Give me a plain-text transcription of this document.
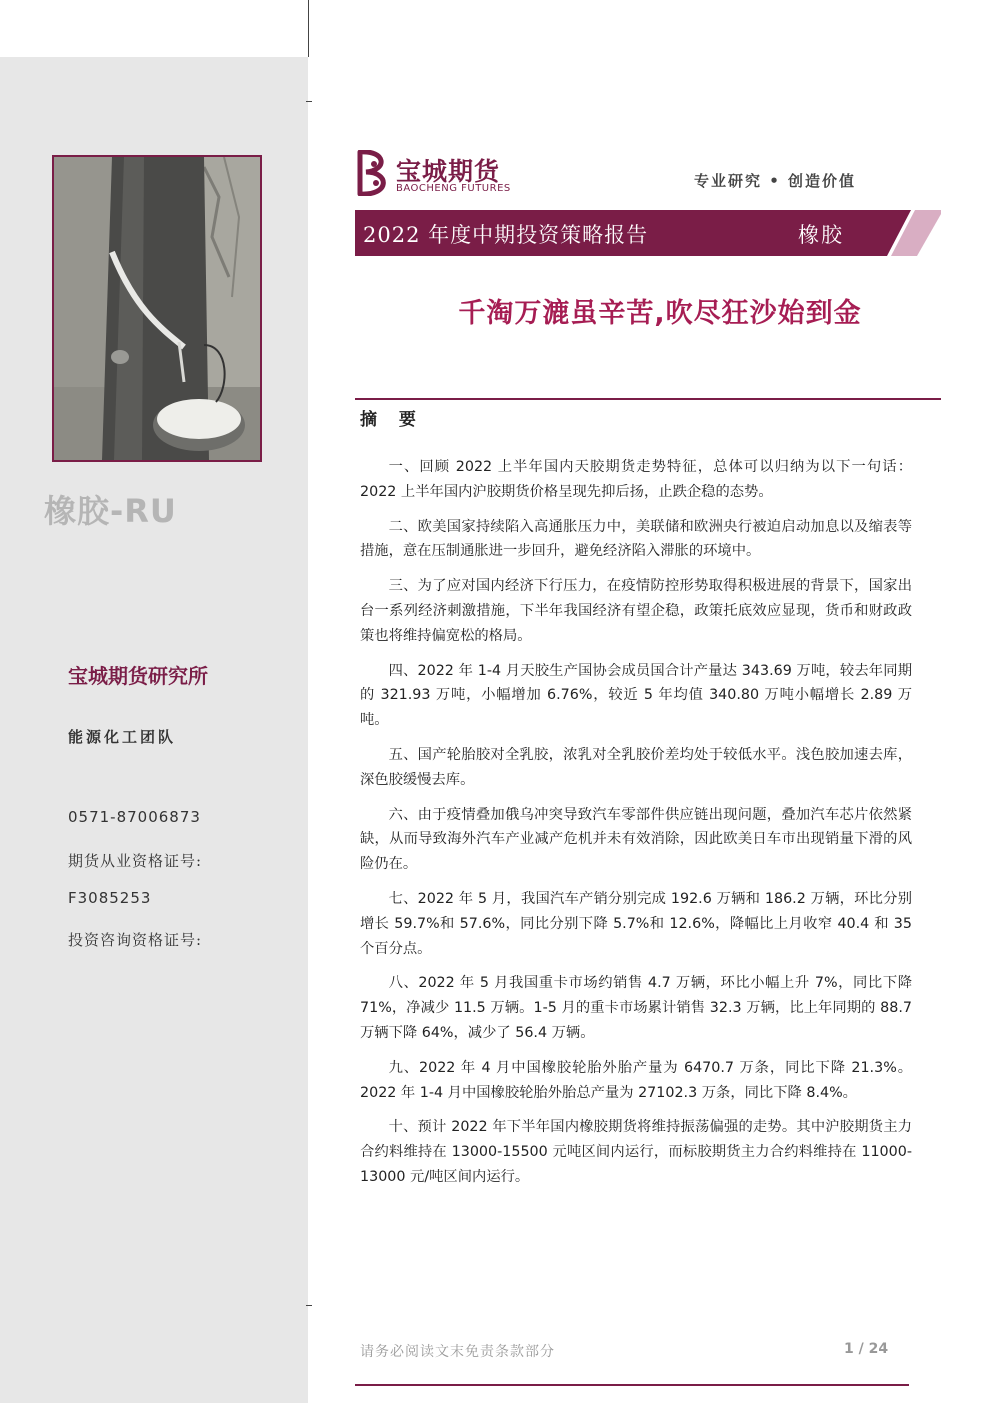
橡胶-RU
宝城期货研究所
能源化工团队
0571-87006873
期货从业资格证号:
F3085253
投资咨询资格证号:
宝城期货
BAOCHENG FUTURES	专业研究 • 创造价值
2022 年度中期投资策略报告	橡胶
千淘万漉虽辛苦,吹尽狂沙始到金
摘 要

一、回顾 2022 上半年国内天胶期货走势特征，总体可以归纳为以下一句话：2022 上半年国内沪胶期货价格呈现先抑后扬，止跌企稳的态势。

二、欧美国家持续陷入高通胀压力中，美联储和欧洲央行被迫启动加息以及缩表等措施，意在压制通胀进一步回升，避免经济陷入滞胀的环境中。

三、为了应对国内经济下行压力，在疫情防控形势取得积极进展的背景下，国家出台一系列经济刺激措施，下半年我国经济有望企稳，政策托底效应显现，货币和财政政策也将维持偏宽松的格局。

四、2022 年 1-4 月天胶生产国协会成员国合计产量达 343.69 万吨，较去年同期的 321.93 万吨，小幅增加 6.76%，较近 5 年均值 340.80 万吨小幅增长 2.89 万吨。

五、国产轮胎胶对全乳胶，浓乳对全乳胶价差均处于较低水平。浅色胶加速去库，深色胶缓慢去库。

六、由于疫情叠加俄乌冲突导致汽车零部件供应链出现问题，叠加汽车芯片依然紧缺，从而导致海外汽车产业减产危机并未有效消除，因此欧美日车市出现销量下滑的风险仍在。

七、2022 年 5 月，我国汽车产销分别完成 192.6 万辆和 186.2 万辆，环比分别增长 59.7%和 57.6%，同比分别下降 5.7%和 12.6%，降幅比上月收窄 40.4 和 35 个百分点。

八、2022 年 5 月我国重卡市场约销售 4.7 万辆，环比小幅上升 7%，同比下降 71%，净减少 11.5 万辆。1-5 月的重卡市场累计销售 32.3 万辆，比上年同期的 88.7 万辆下降 64%，减少了 56.4 万辆。

九、2022 年 4 月中国橡胶轮胎外胎产量为 6470.7 万条，同比下降 21.3%。2022 年 1-4 月中国橡胶轮胎外胎总产量为 27102.3 万条，同比下降 8.4%。

十、预计 2022 年下半年国内橡胶期货将维持振荡偏强的走势。其中沪胶期货主力合约料维持在 13000-15500 元吨区间内运行，而标胶期货主力合约料维持在 11000-13000 元/吨区间内运行。

请务必阅读文末免责条款部分	1 / 24
